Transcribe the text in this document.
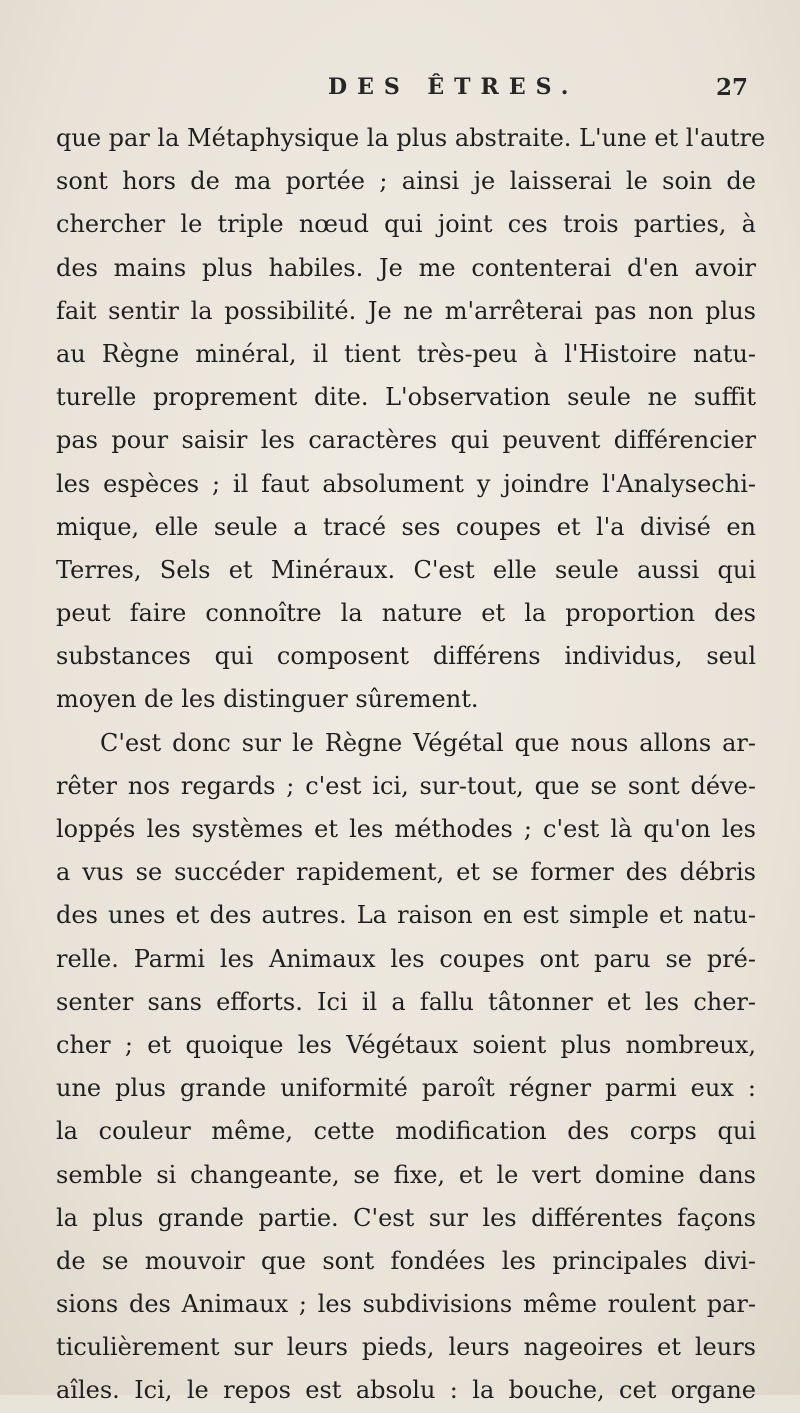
DES ÊTRES.	27
que par la Métaphysique la plus abstraite. L'une et l'autre
sont hors de ma portée ; ainsi je laisserai le soin de
chercher le triple nœud qui joint ces trois parties, à
des mains plus habiles. Je me contenterai d'en avoir
fait sentir la possibilité. Je ne m'arrêterai pas non plus
au Règne minéral, il tient très-peu à l'Histoire natu-
turelle proprement dite. L'observation seule ne suffit
pas pour saisir les caractères qui peuvent différencier
les espèces ; il faut absolument y joindre l'Analysechi-
mique, elle seule a tracé ses coupes et l'a divisé en
Terres, Sels et Minéraux. C'est elle seule aussi qui
peut faire connoître la nature et la proportion des
substances qui composent différens individus, seul
moyen de les distinguer sûrement.
C'est donc sur le Règne Végétal que nous allons ar-
rêter nos regards ; c'est ici, sur-tout, que se sont déve-
loppés les systèmes et les méthodes ; c'est là qu'on les
a vus se succéder rapidement, et se former des débris
des unes et des autres. La raison en est simple et natu-
relle. Parmi les Animaux les coupes ont paru se pré-
senter sans efforts. Ici il a fallu tâtonner et les cher-
cher ; et quoique les Végétaux soient plus nombreux,
une plus grande uniformité paroît régner parmi eux :
la couleur même, cette modification des corps qui
semble si changeante, se fixe, et le vert domine dans
la plus grande partie. C'est sur les différentes façons
de se mouvoir que sont fondées les principales divi-
sions des Animaux ; les subdivisions même roulent par-
ticulièrement sur leurs pieds, leurs nageoires et leurs
aîles. Ici, le repos est absolu : la bouche, cet organe
